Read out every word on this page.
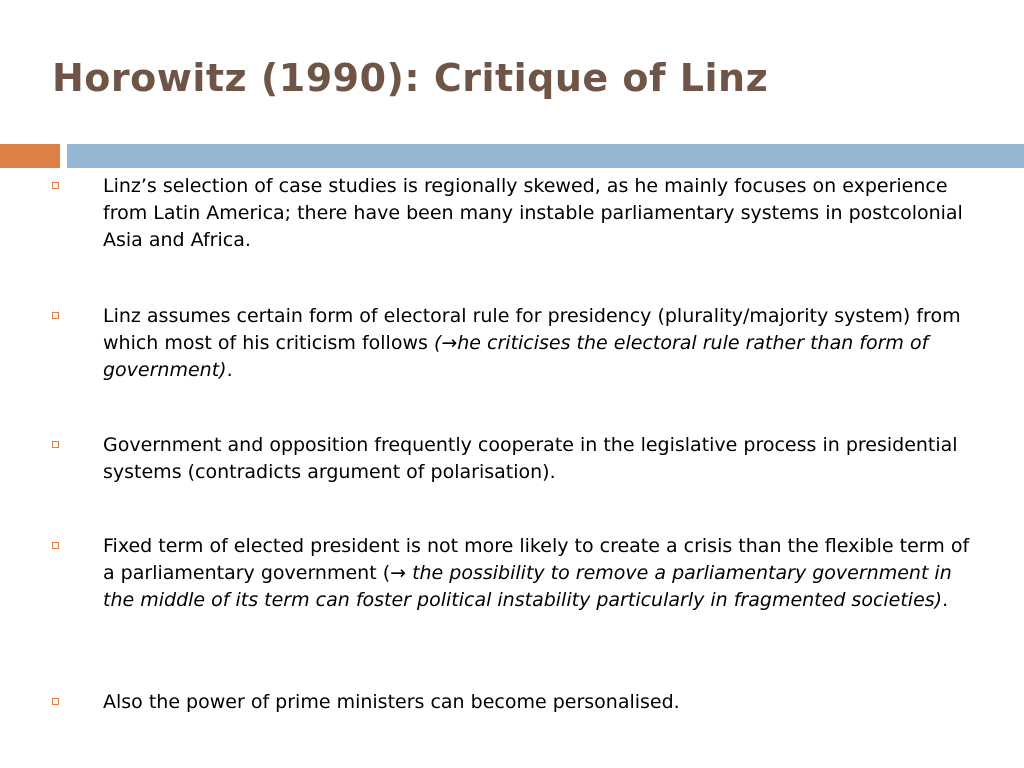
Horowitz (1990): Critique of Linz

Linz’s selection of case studies is regionally skewed, as he mainly focuses on experience from Latin America; there have been many instable parliamentary systems in postcolonial Asia and Africa.

Linz assumes certain form of electoral rule for presidency (plurality/majority system) from which most of his criticism follows (→he criticises the electoral rule rather than form of government).

Government and opposition frequently cooperate in the legislative process in presidential systems (contradicts argument of polarisation).

Fixed term of elected president is not more likely to create a crisis than the flexible term of a parliamentary government (→ the possibility to remove a parliamentary government in the middle of its term can foster political instability particularly in fragmented societies).

Also the power of prime ministers can become personalised.
